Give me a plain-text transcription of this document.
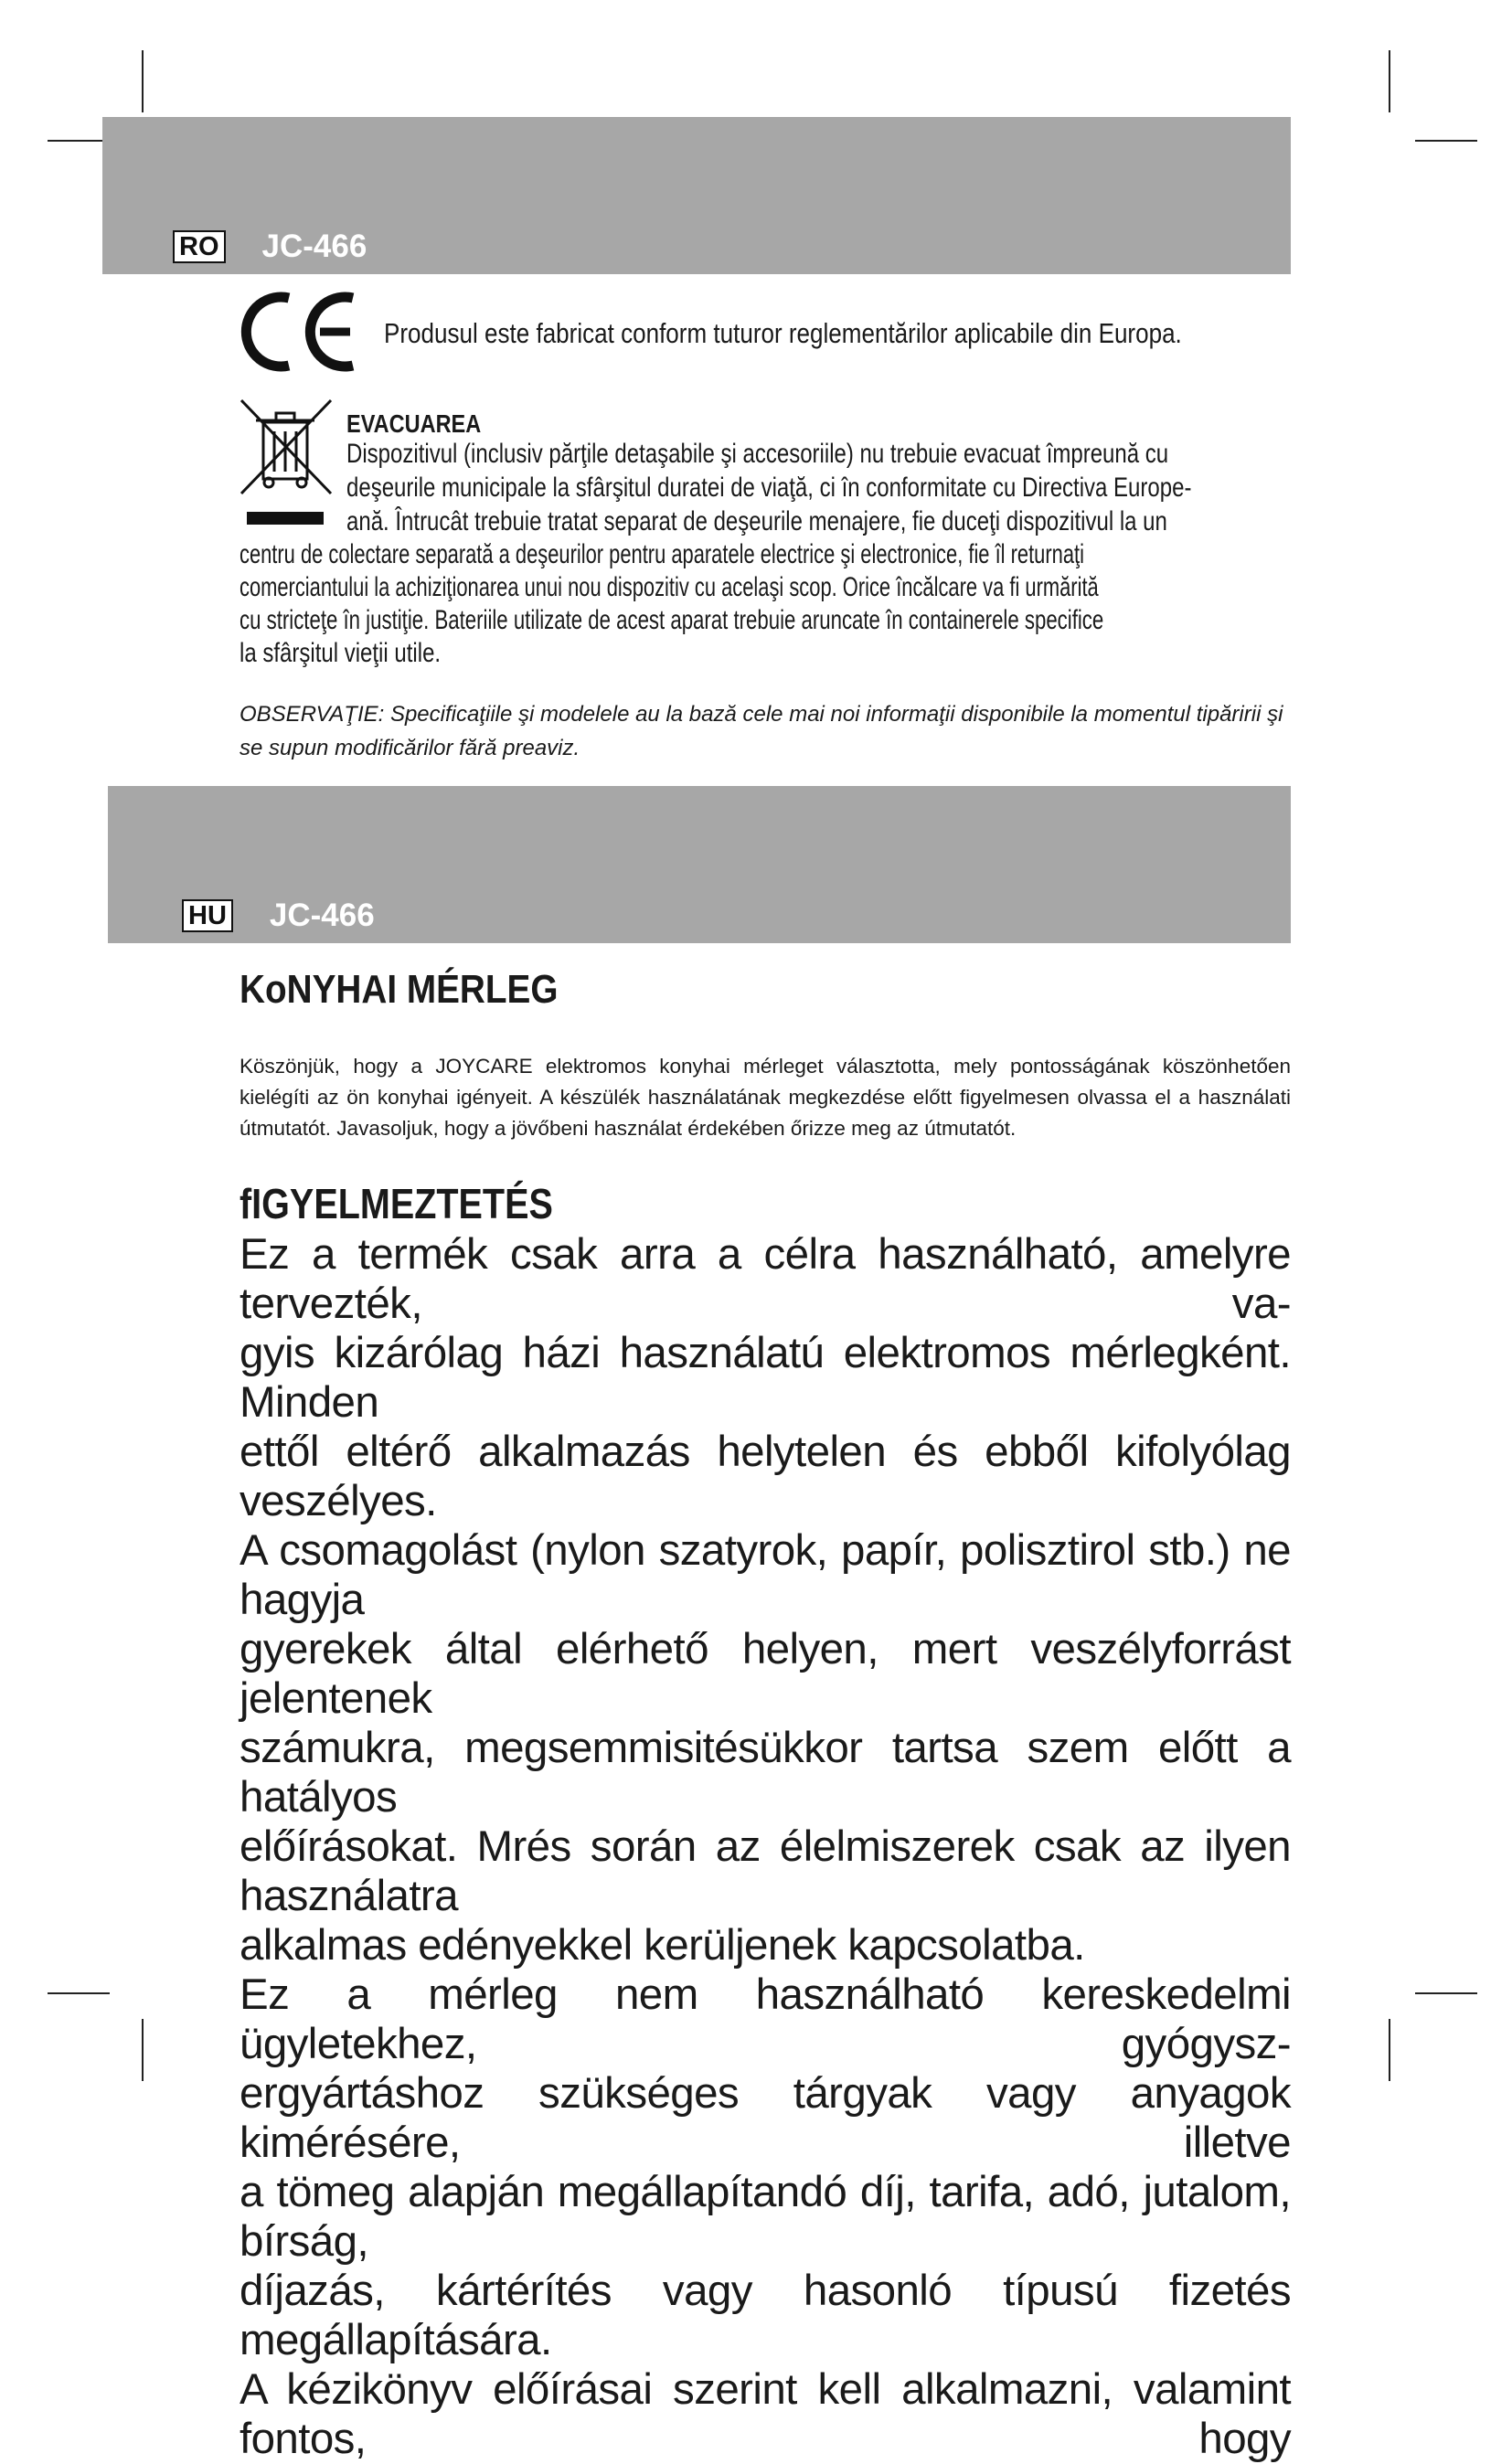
RO JC-466
Produsul este fabricat conform tuturor reglementărilor aplicabile din Europa.
EVACUAREA
Dispozitivul (inclusiv părţile detaşabile şi accesoriile) nu trebuie evacuat împreună cu
deşeurile municipale la sfârşitul duratei de viaţă, ci în conformitate cu Directiva Europe-
ană. Întrucât trebuie tratat separat de deşeurile menajere, fie duceţi dispozitivul la un
centru de colectare separată a deşeurilor pentru aparatele electrice şi electronice, fie îl returnaţi
comerciantului la achiziţionarea unui nou dispozitiv cu acelaşi scop. Orice încălcare va fi urmărită
cu stricteţe în justiţie. Bateriile utilizate de acest aparat trebuie aruncate în containerele specifice
la sfârşitul vieţii utile.
OBSERVAŢIE: Specificaţiile şi modelele au la bază cele mai noi informaţii disponibile la momentul tipăririi şi se supun modificărilor fără preaviz.
HU JC-466
KoNYHAI MÉRLEG
Köszönjük, hogy a JOYCARE elektromos konyhai mérleget választotta, mely pontosságának köszönhetően kielégíti az ön konyhai igényeit. A készülék használatának megkezdése előtt figyelmesen olvassa el a használati útmutatót. Javasoljuk, hogy a jövőbeni használat érdekében őrizze meg az útmutatót.
fIGYELMEZTETÉS
Ez a termék csak arra a célra használható, amelyre tervezték, va-
gyis kizárólag házi használatú elektromos mérlegként. Minden
ettől eltérő alkalmazás helytelen és ebből kifolyólag veszélyes.
A csomagolást (nylon szatyrok, papír, polisztirol stb.) ne hagyja
gyerekek által elérhető helyen, mert veszélyforrást jelentenek
számukra, megsemmisitésükkor tartsa szem előtt a hatályos
előírásokat. Mrés során az élelmiszerek csak az ilyen használatra
alkalmas edényekkel kerüljenek kapcsolatba.
Ez a mérleg nem használható kereskedelmi ügyletekhez, gyógysz-
ergyártáshoz szükséges tárgyak vagy anyagok kimérésére, illetve
a tömeg alapján megállapítandó díj, tarifa, adó, jutalom, bírság,
díjazás, kártérítés vagy hasonló típusú fizetés megállapítására.
A kézikönyv előírásai szerint kell alkalmazni, valamint fontos, hogy
